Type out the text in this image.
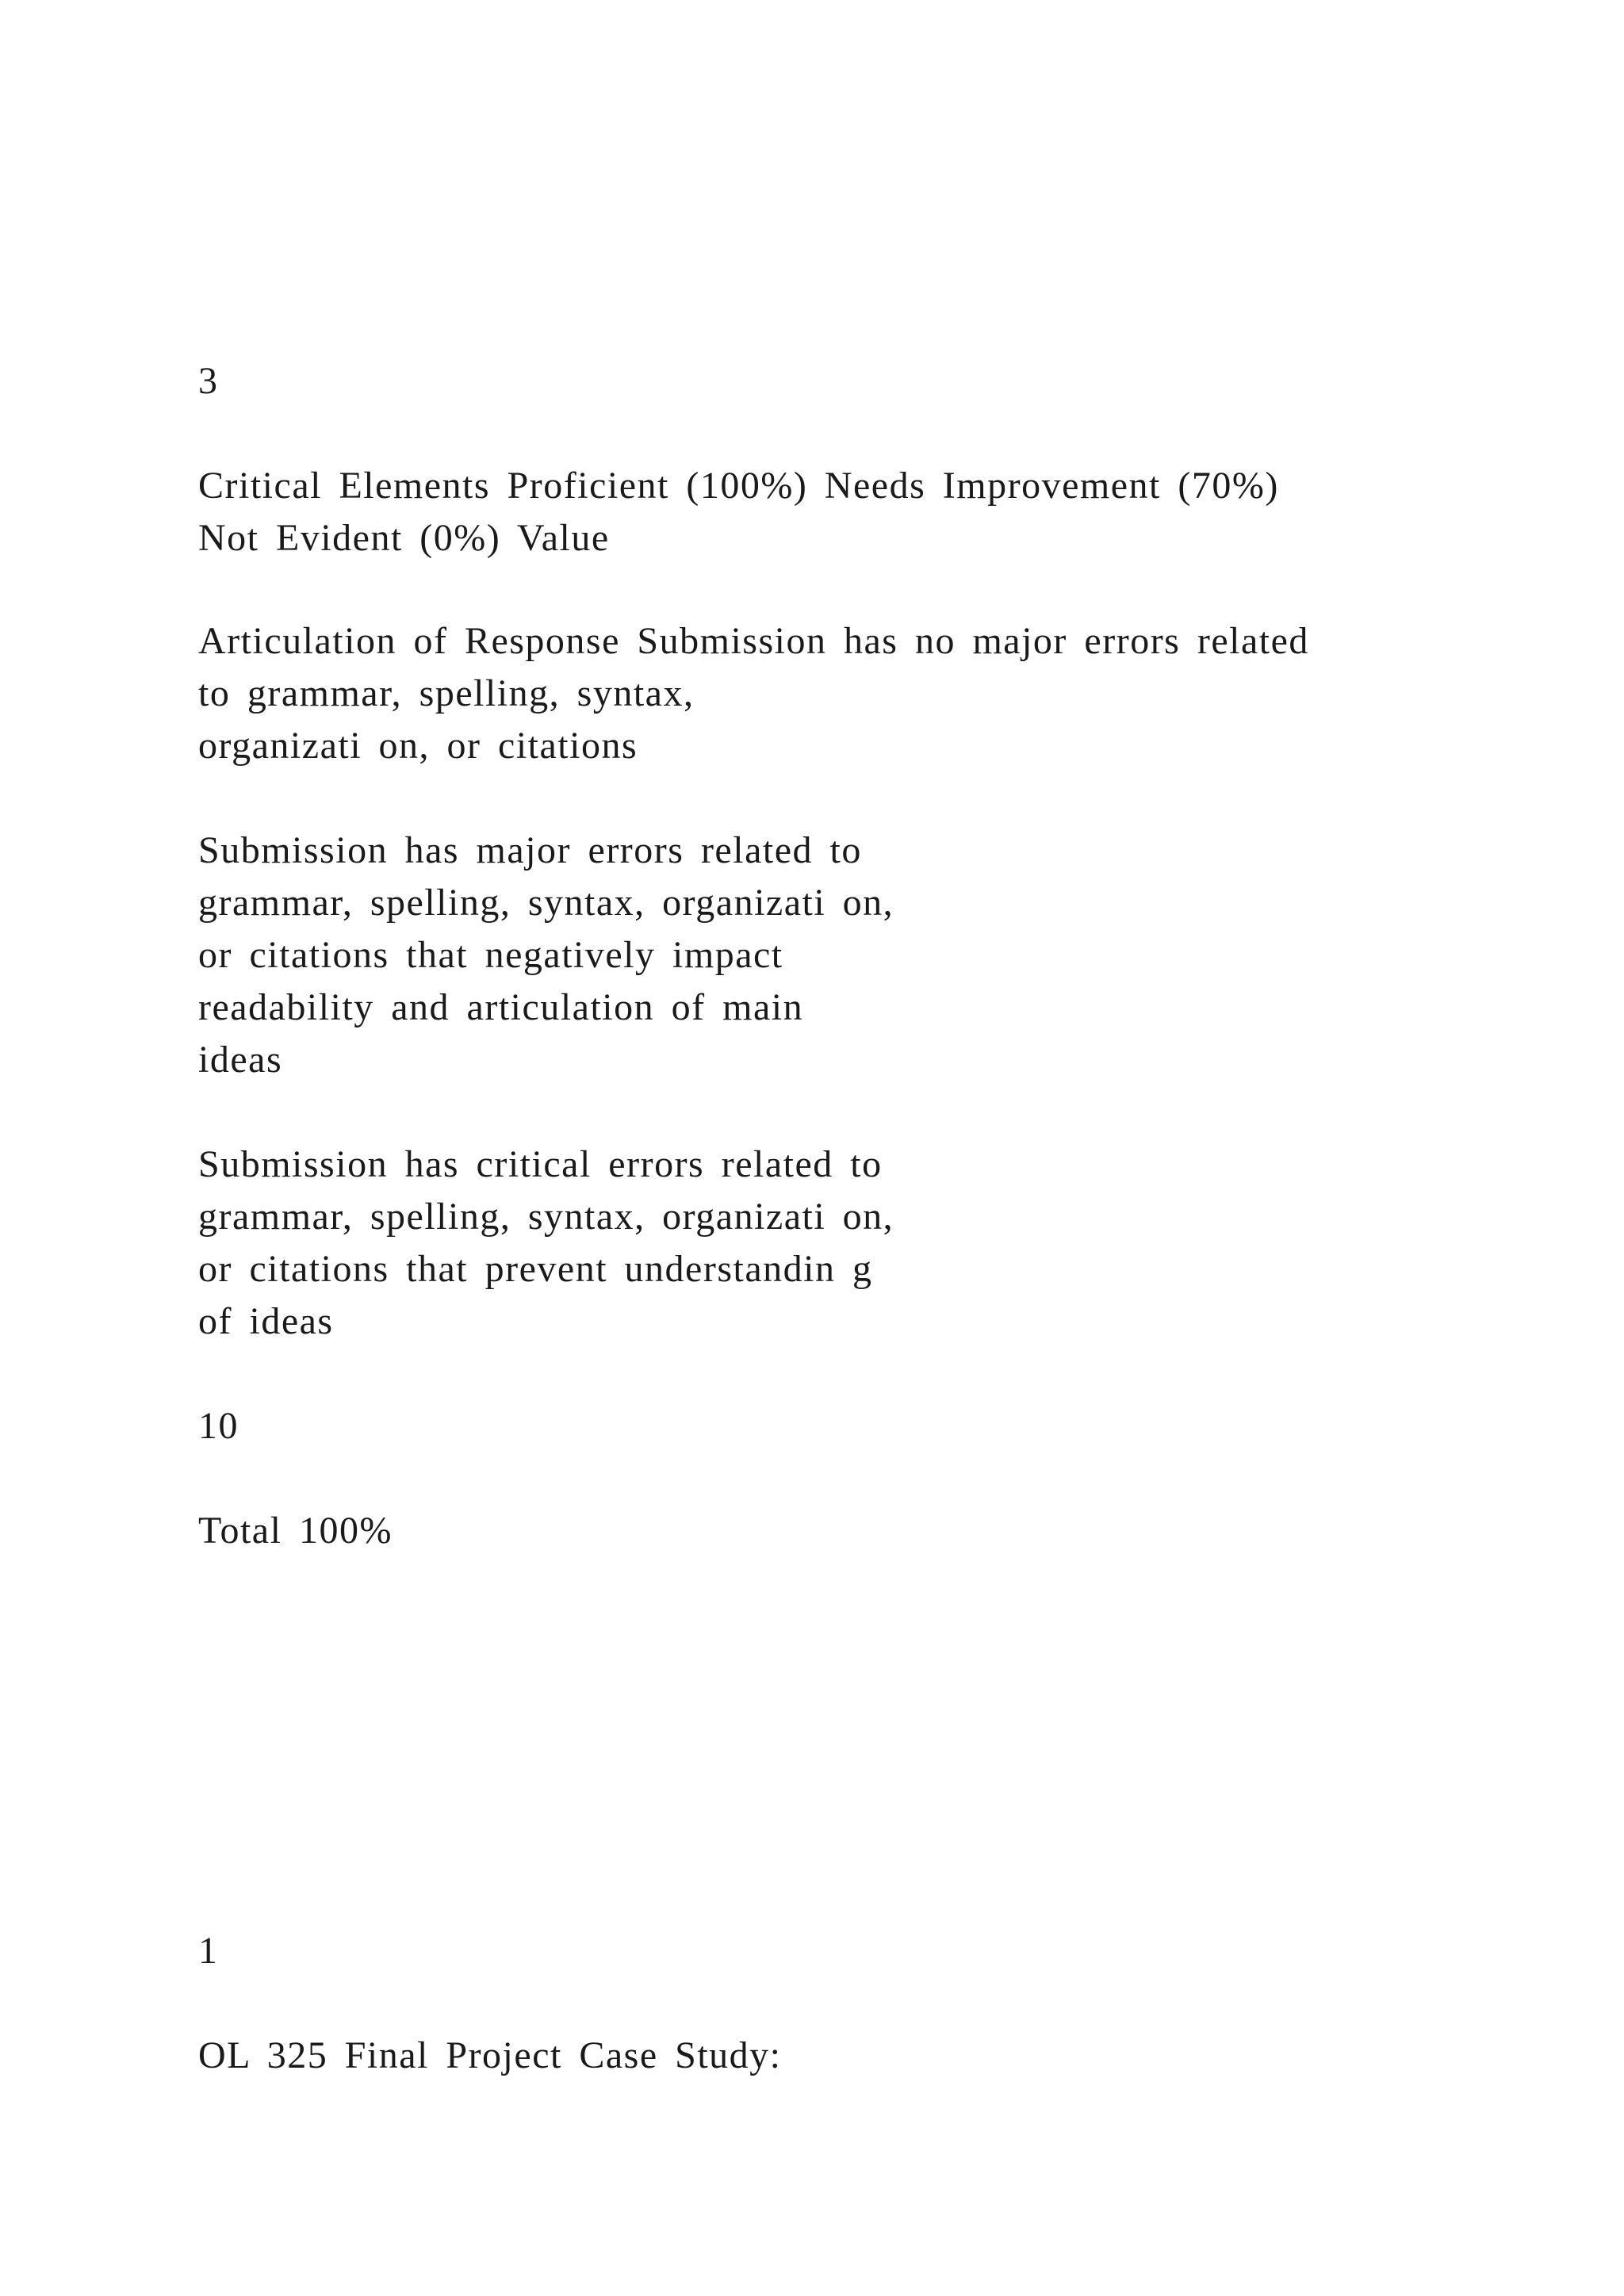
3

Critical Elements Proficient (100%) Needs Improvement (70%)
Not Evident (0%) Value

Articulation of Response Submission has no major errors related
to grammar, spelling, syntax,
organizati on, or citations

Submission has major errors related to
grammar, spelling, syntax, organizati on,
or citations that negatively impact
readability and articulation of main
ideas

Submission has critical errors related to
grammar, spelling, syntax, organizati on,
or citations that prevent understandin g
of ideas

10

Total 100%

1

OL 325 Final Project Case Study:
